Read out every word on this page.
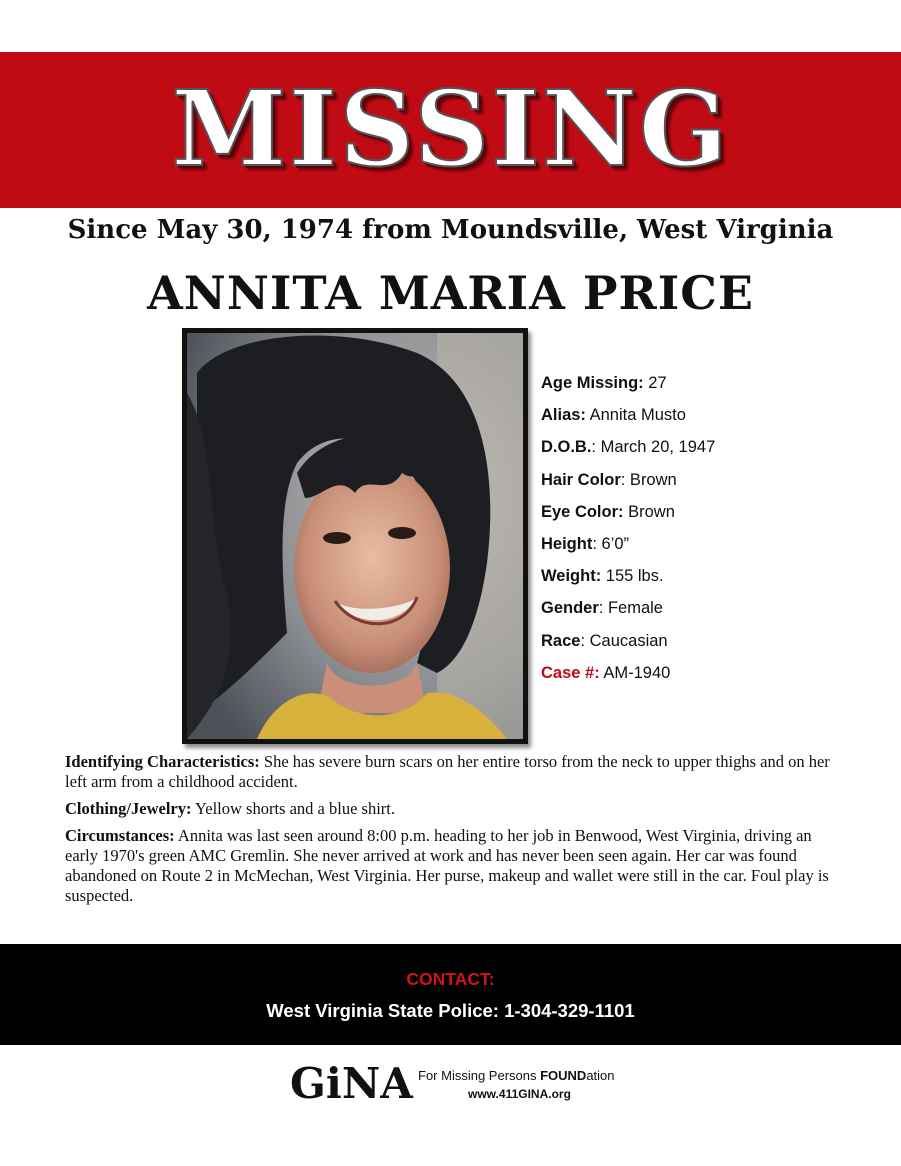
MISSING
Since May 30, 1974 from Moundsville, West Virginia
ANNITA MARIA PRICE
Age Missing: 27
Alias: Annita Musto
D.O.B.: March 20, 1947
Hair Color: Brown
Eye Color: Brown
Height: 6’0”
Weight: 155 lbs.
Gender: Female
Race: Caucasian
Case #: AM-1940

Identifying Characteristics: She has severe burn scars on her entire torso from the neck to upper thighs and on her left arm from a childhood accident.

Clothing/Jewelry: Yellow shorts and a blue shirt.

Circumstances: Annita was last seen around 8:00 p.m. heading to her job in Benwood, West Virginia, driving an early 1970's green AMC Gremlin. She never arrived at work and has never been seen again. Her car was found abandoned on Route 2 in McMechan, West Virginia. Her purse, makeup and wallet were still in the car. Foul play is suspected.

CONTACT:
West Virginia State Police: 1-304-329-1101
GiNA For Missing Persons FOUNDation
www.411GINA.org
